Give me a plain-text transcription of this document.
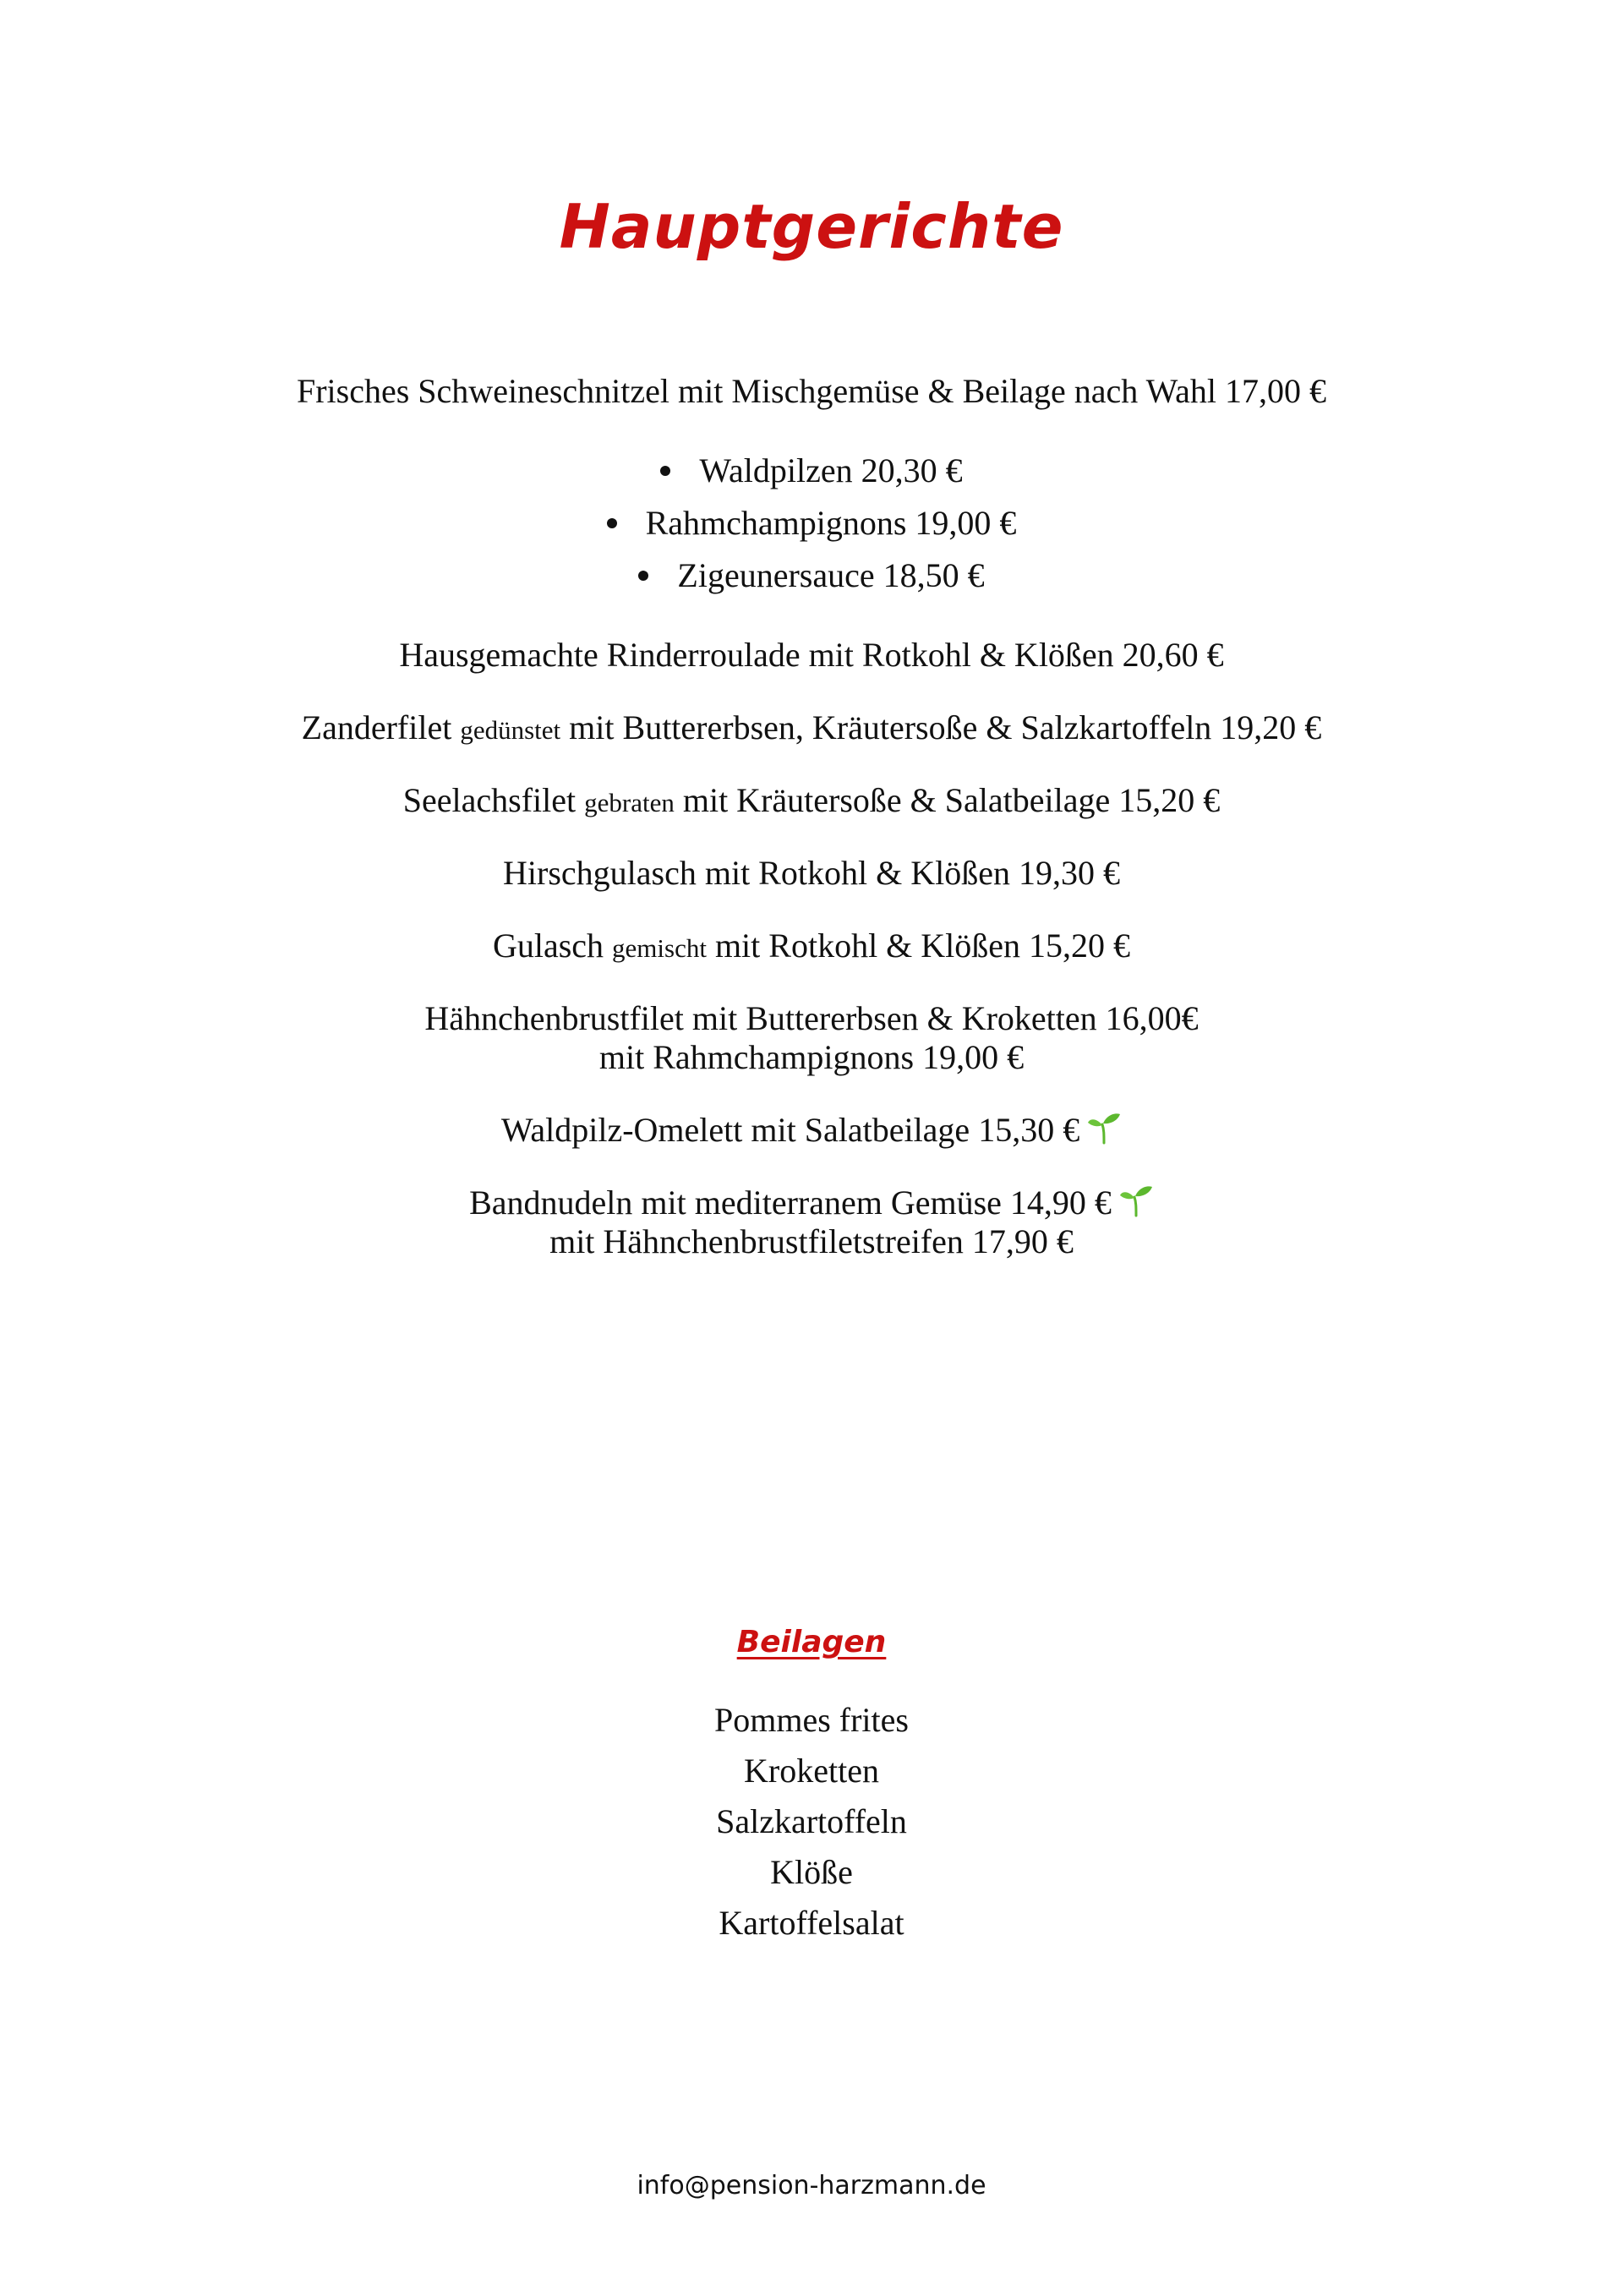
Hauptgerichte
Frisches Schweineschnitzel mit Mischgemüse & Beilage nach Wahl 17,00 €
Waldpilzen 20,30 €
Rahmchampignons 19,00 €
Zigeunersauce 18,50 €
Hausgemachte Rinderroulade mit Rotkohl & Klößen 20,60 €
Zanderfilet gedünstet mit Buttererbsen, Kräutersoße & Salzkartoffeln 19,20 €
Seelachsfilet gebraten mit Kräutersoße & Salatbeilage 15,20 €
Hirschgulasch mit Rotkohl & Klößen 19,30 €
Gulasch gemischt mit Rotkohl & Klößen 15,20 €
Hähnchenbrustfilet mit Buttererbsen & Kroketten 16,00€
mit Rahmchampignons 19,00 €
Waldpilz-Omelett mit Salatbeilage 15,30 €
Bandnudeln mit mediterranem Gemüse 14,90 €
mit Hähnchenbrustfiletstreifen 17,90 €
Beilagen
Pommes frites
Kroketten
Salzkartoffeln
Klöße
Kartoffelsalat
info@pension-harzmann.de
